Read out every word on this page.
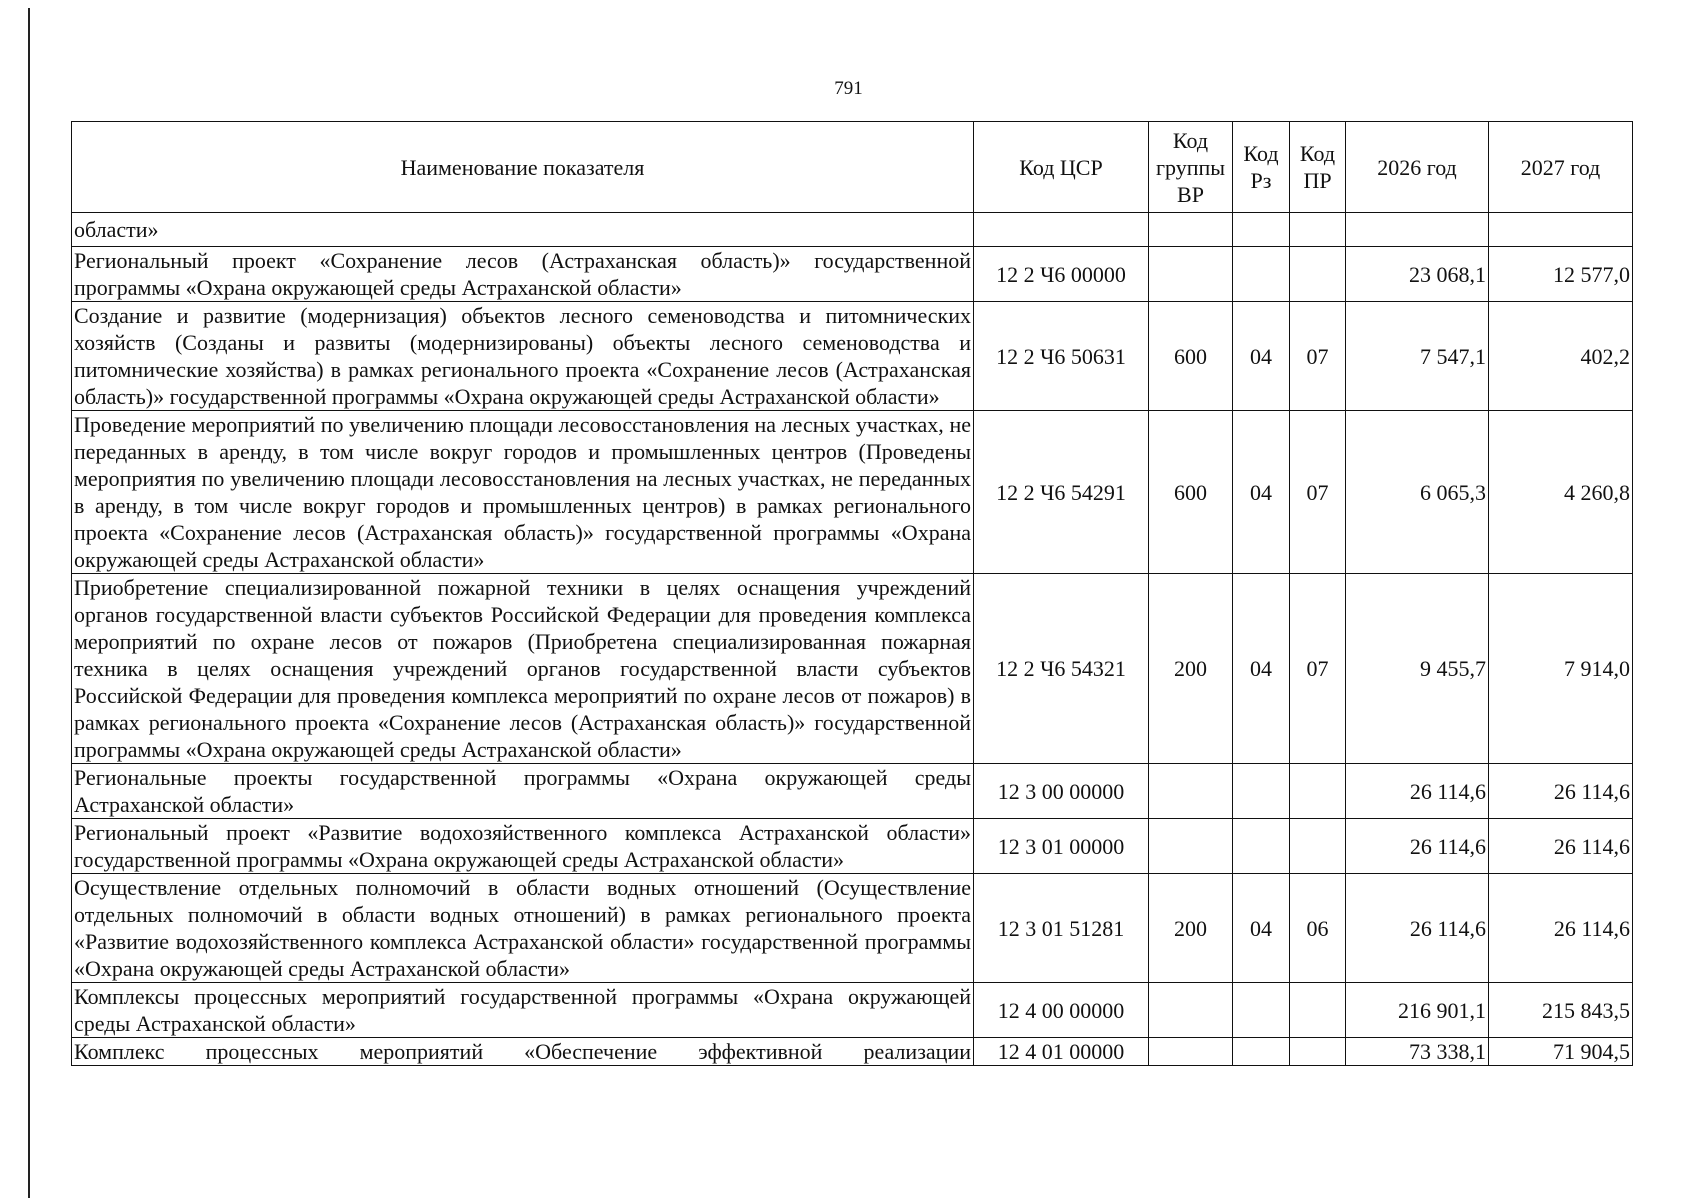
791
Наименование показателя	Код ЦСР	Код группы ВР	Код Рз	Код ПР	2026 год	2027 год
области»						
Региональный проект «Сохранение лесов (Астраханская область)» государственной программы «Охрана окружающей среды Астраханской области»	12 2 Ч6 00000				23 068,1	12 577,0
Создание и развитие (модернизация) объектов лесного семеноводства и питомнических хозяйств (Созданы и развиты (модернизированы) объекты лесного семеноводства и питомнические хозяйства) в рамках регионального проекта «Сохранение лесов (Астраханская область)» государственной программы «Охрана окружающей среды Астраханской области»	12 2 Ч6 50631	600	04	07	7 547,1	402,2
Проведение мероприятий по увеличению площади лесовосстановления на лесных участках, не переданных в аренду, в том числе вокруг городов и промышленных центров (Проведены мероприятия по увеличению площади лесовосстановления на лесных участках, не переданных в аренду, в том числе вокруг городов и промышленных центров) в рамках регионального проекта «Сохранение лесов (Астраханская область)» государственной программы «Охрана окружающей среды Астраханской области»	12 2 Ч6 54291	600	04	07	6 065,3	4 260,8
Приобретение специализированной пожарной техники в целях оснащения учреждений органов государственной власти субъектов Российской Федерации для проведения комплекса мероприятий по охране лесов от пожаров (Приобретена специализированная пожарная техника в целях оснащения учреждений органов государственной власти субъектов Российской Федерации для проведения комплекса мероприятий по охране лесов от пожаров) в рамках регионального проекта «Сохранение лесов (Астраханская область)» государственной программы «Охрана окружающей среды Астраханской области»	12 2 Ч6 54321	200	04	07	9 455,7	7 914,0
Региональные проекты государственной программы «Охрана окружающей среды Астраханской области»	12 3 00 00000				26 114,6	26 114,6
Региональный проект «Развитие водохозяйственного комплекса Астраханской области» государственной программы «Охрана окружающей среды Астраханской области»	12 3 01 00000				26 114,6	26 114,6
Осуществление отдельных полномочий в области водных отношений (Осуществление отдельных полномочий в области водных отношений) в рамках регионального проекта «Развитие водохозяйственного комплекса Астраханской области» государственной программы «Охрана окружающей среды Астраханской области»	12 3 01 51281	200	04	06	26 114,6	26 114,6
Комплексы процессных мероприятий государственной программы «Охрана окружающей среды Астраханской области»	12 4 00 00000				216 901,1	215 843,5
Комплекс процессных мероприятий «Обеспечение эффективной реализации	12 4 01 00000				73 338,1	71 904,5
